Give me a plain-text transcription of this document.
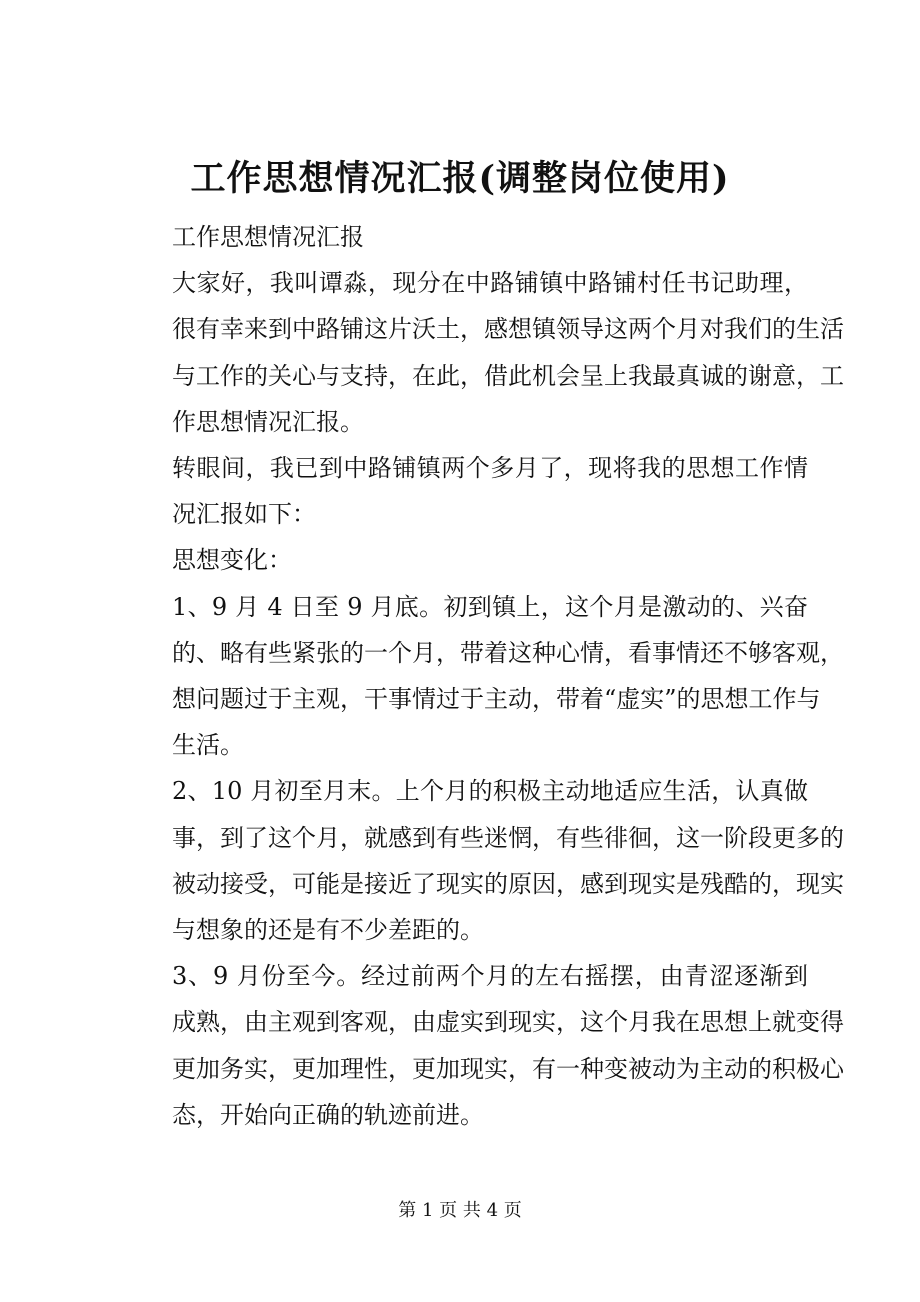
工作思想情况汇报(调整岗位使用)

工作思想情况汇报

大家好，我叫谭淼，现分在中路铺镇中路铺村任书记助理，
很有幸来到中路铺这片沃土，感想镇领导这两个月对我们的生活
与工作的关心与支持，在此，借此机会呈上我最真诚的谢意，工
作思想情况汇报。

转眼间，我已到中路铺镇两个多月了，现将我的思想工作情
况汇报如下：

思想变化：

1、9 月 4 日至 9 月底。初到镇上，这个月是激动的、兴奋
的、略有些紧张的一个月，带着这种心情，看事情还不够客观，
想问题过于主观，干事情过于主动，带着“虚实”的思想工作与
生活。

2、10 月初至月末。上个月的积极主动地适应生活，认真做
事，到了这个月，就感到有些迷惘，有些徘徊，这一阶段更多的
被动接受，可能是接近了现实的原因，感到现实是残酷的，现实
与想象的还是有不少差距的。

3、9 月份至今。经过前两个月的左右摇摆，由青涩逐渐到
成熟，由主观到客观，由虚实到现实，这个月我在思想上就变得
更加务实，更加理性，更加现实，有一种变被动为主动的积极心
态，开始向正确的轨迹前进。

第 1 页 共 4 页
